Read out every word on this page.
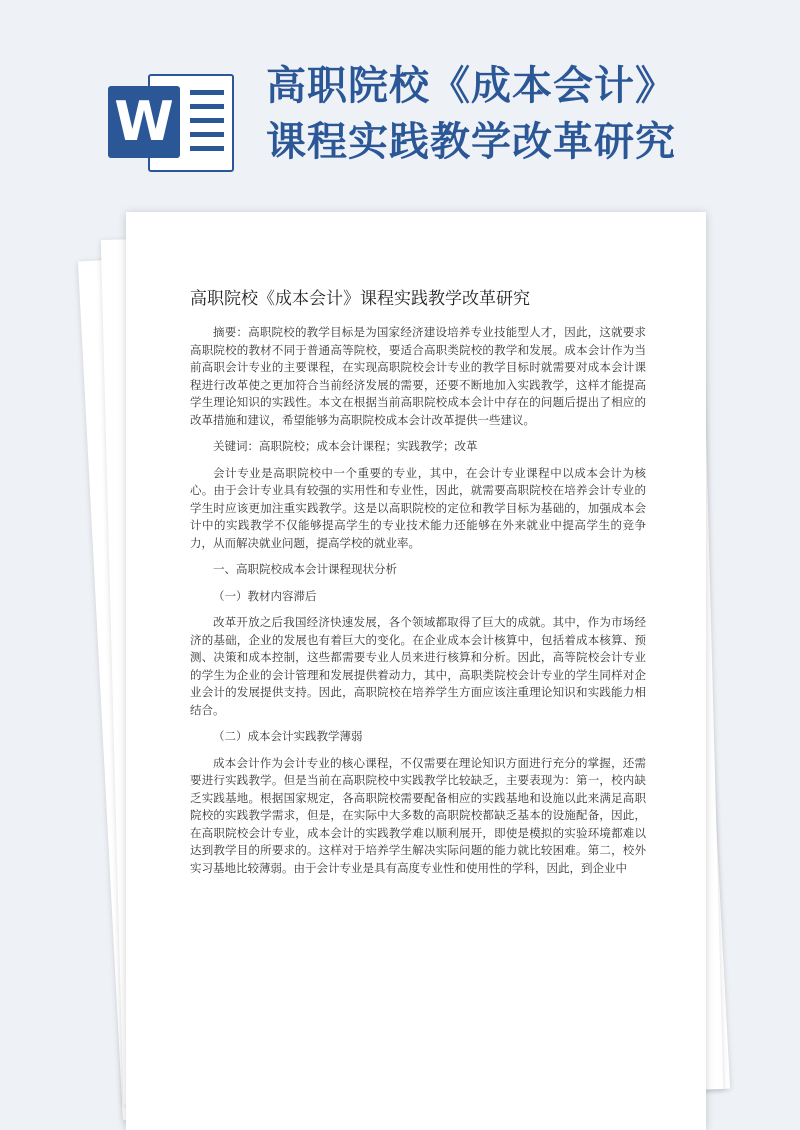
W
高职院校《成本会计》
课程实践教学改革研究
高职院校《成本会计》课程实践教学改革研究

摘要：高职院校的教学目标是为国家经济建设培养专业技能型人才，因此，这就要求高职院校的教材不同于普通高等院校，要适合高职类院校的教学和发展。成本会计作为当前高职会计专业的主要课程，在实现高职院校会计专业的教学目标时就需要对成本会计课程进行改革使之更加符合当前经济发展的需要，还要不断地加入实践教学，这样才能提高学生理论知识的实践性。本文在根据当前高职院校成本会计中存在的问题后提出了相应的改革措施和建议，希望能够为高职院校成本会计改革提供一些建议。

关键词：高职院校；成本会计课程；实践教学；改革

会计专业是高职院校中一个重要的专业，其中，在会计专业课程中以成本会计为核心。由于会计专业具有较强的实用性和专业性，因此，就需要高职院校在培养会计专业的学生时应该更加注重实践教学。这是以高职院校的定位和教学目标为基础的，加强成本会计中的实践教学不仅能够提高学生的专业技术能力还能够在外来就业中提高学生的竞争力，从而解决就业问题，提高学校的就业率。

一、高职院校成本会计课程现状分析

（一）教材内容滞后

改革开放之后我国经济快速发展，各个领域都取得了巨大的成就。其中，作为市场经济的基础，企业的发展也有着巨大的变化。在企业成本会计核算中，包括着成本核算、预测、决策和成本控制，这些都需要专业人员来进行核算和分析。因此，高等院校会计专业的学生为企业的会计管理和发展提供着动力，其中，高职类院校会计专业的学生同样对企业会计的发展提供支持。因此，高职院校在培养学生方面应该注重理论知识和实践能力相结合。

（二）成本会计实践教学薄弱

成本会计作为会计专业的核心课程，不仅需要在理论知识方面进行充分的掌握，还需要进行实践教学。但是当前在高职院校中实践教学比较缺乏，主要表现为：第一，校内缺乏实践基地。根据国家规定，各高职院校需要配备相应的实践基地和设施以此来满足高职院校的实践教学需求，但是，在实际中大多数的高职院校都缺乏基本的设施配备，因此，在高职院校会计专业，成本会计的实践教学难以顺利展开，即使是模拟的实验环境都难以达到教学目的所要求的。这样对于培养学生解决实际问题的能力就比较困难。第二，校外实习基地比较薄弱。由于会计专业是具有高度专业性和使用性的学科，因此，到企业中
